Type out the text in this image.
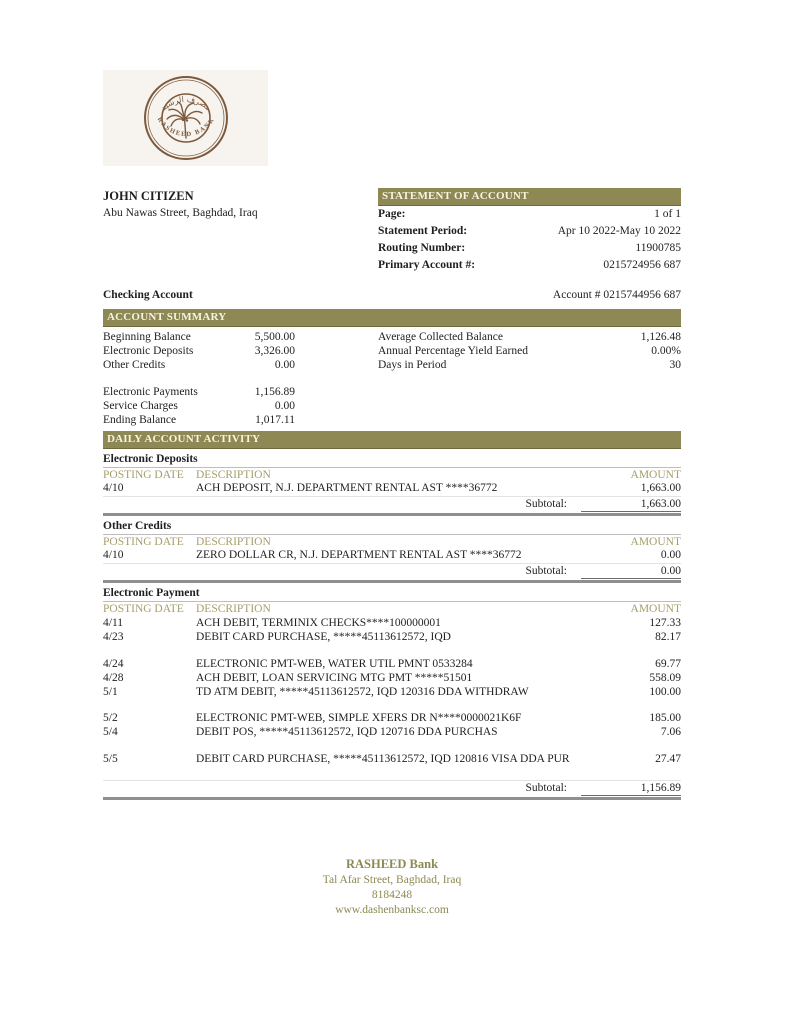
مصرف الرشيد
RASHEED BANK
JOHN CITIZEN
Abu Nawas Street, Baghdad, Iraq
STATEMENT OF ACCOUNT
Page:	1 of 1
Statement Period:	Apr 10 2022-May 10 2022
Routing Number:	11900785
Primary Account #:	0215724956 687
Checking Account	Account # 0215744956 687
ACCOUNT SUMMARY
Beginning Balance	5,500.00
Electronic Deposits	3,326.00
Other Credits	0.00
Electronic Payments	1,156.89
Service Charges	0.00
Ending Balance	1,017.11
Average Collected Balance	1,126.48
Annual Percentage Yield Earned	0.00%
Days in Period	30
DAILY ACCOUNT ACTIVITY
Electronic Deposits
POSTING DATE	DESCRIPTION	AMOUNT
4/10	ACH DEPOSIT, N.J. DEPARTMENT RENTAL AST ****36772	1,663.00
Subtotal:	1,663.00
Other Credits
POSTING DATE	DESCRIPTION	AMOUNT
4/10	ZERO DOLLAR CR, N.J. DEPARTMENT RENTAL AST ****36772	0.00
Subtotal:	0.00
Electronic Payment
POSTING DATE	DESCRIPTION	AMOUNT
4/11	ACH DEBIT, TERMINIX CHECKS****100000001	127.33
4/23	DEBIT CARD PURCHASE, *****45113612572, IQD	82.17
4/24	ELECTRONIC PMT-WEB, WATER UTIL PMNT 0533284	69.77
4/28	ACH DEBIT, LOAN SERVICING MTG PMT *****51501	558.09
5/1	TD ATM DEBIT, *****45113612572, IQD 120316 DDA WITHDRAW	100.00
5/2	ELECTRONIC PMT-WEB, SIMPLE XFERS DR N****0000021K6F	185.00
5/4	DEBIT POS, *****45113612572, IQD 120716 DDA PURCHAS	7.06
5/5	DEBIT CARD PURCHASE, *****45113612572, IQD 120816 VISA DDA PUR	27.47
Subtotal:	1,156.89
RASHEED Bank
Tal Afar Street, Baghdad, Iraq
8184248
www.dashenbanksc.com
